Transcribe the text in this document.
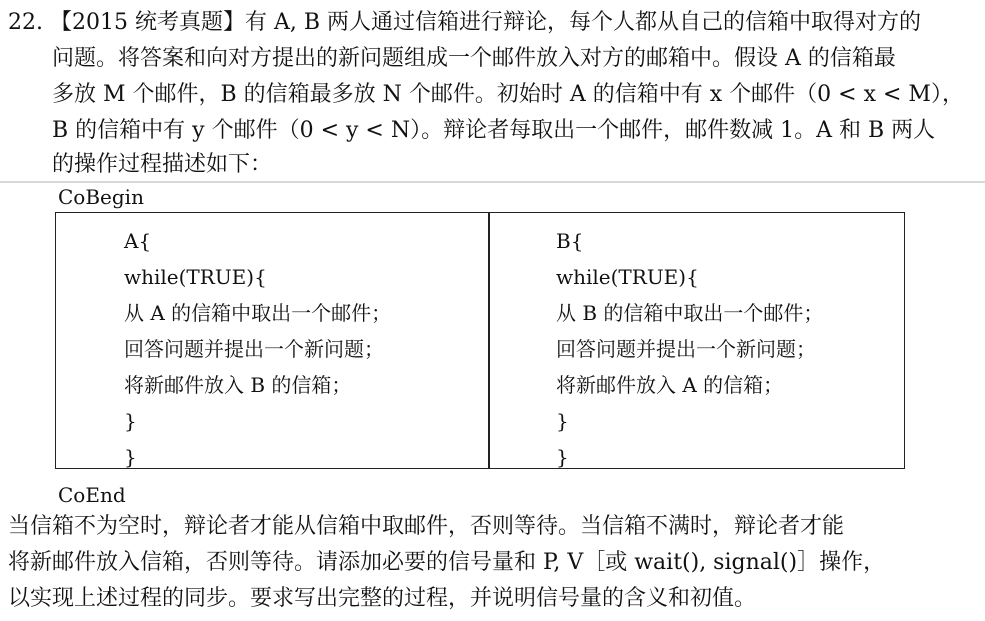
22. 【2015 统考真题】有 A, B 两人通过信箱进行辩论，每个人都从自己的信箱中取得对方的
问题。将答案和向对方提出的新问题组成一个邮件放入对方的邮箱中。假设 A 的信箱最
多放 M 个邮件，B 的信箱最多放 N 个邮件。初始时 A 的信箱中有 x 个邮件（0 < x < M），
B 的信箱中有 y 个邮件（0 < y < N）。辩论者每取出一个邮件，邮件数减 1。A 和 B 两人
的操作过程描述如下：
CoBegin
A{
while(TRUE){
从 A 的信箱中取出一个邮件；
回答问题并提出一个新问题；
将新邮件放入 B 的信箱；
}
}
B{
while(TRUE){
从 B 的信箱中取出一个邮件；
回答问题并提出一个新问题；
将新邮件放入 A 的信箱；
}
}
CoEnd
当信箱不为空时，辩论者才能从信箱中取邮件，否则等待。当信箱不满时，辩论者才能
将新邮件放入信箱，否则等待。请添加必要的信号量和 P, V［或 wait(), signal()］操作，
以实现上述过程的同步。要求写出完整的过程，并说明信号量的含义和初值。
